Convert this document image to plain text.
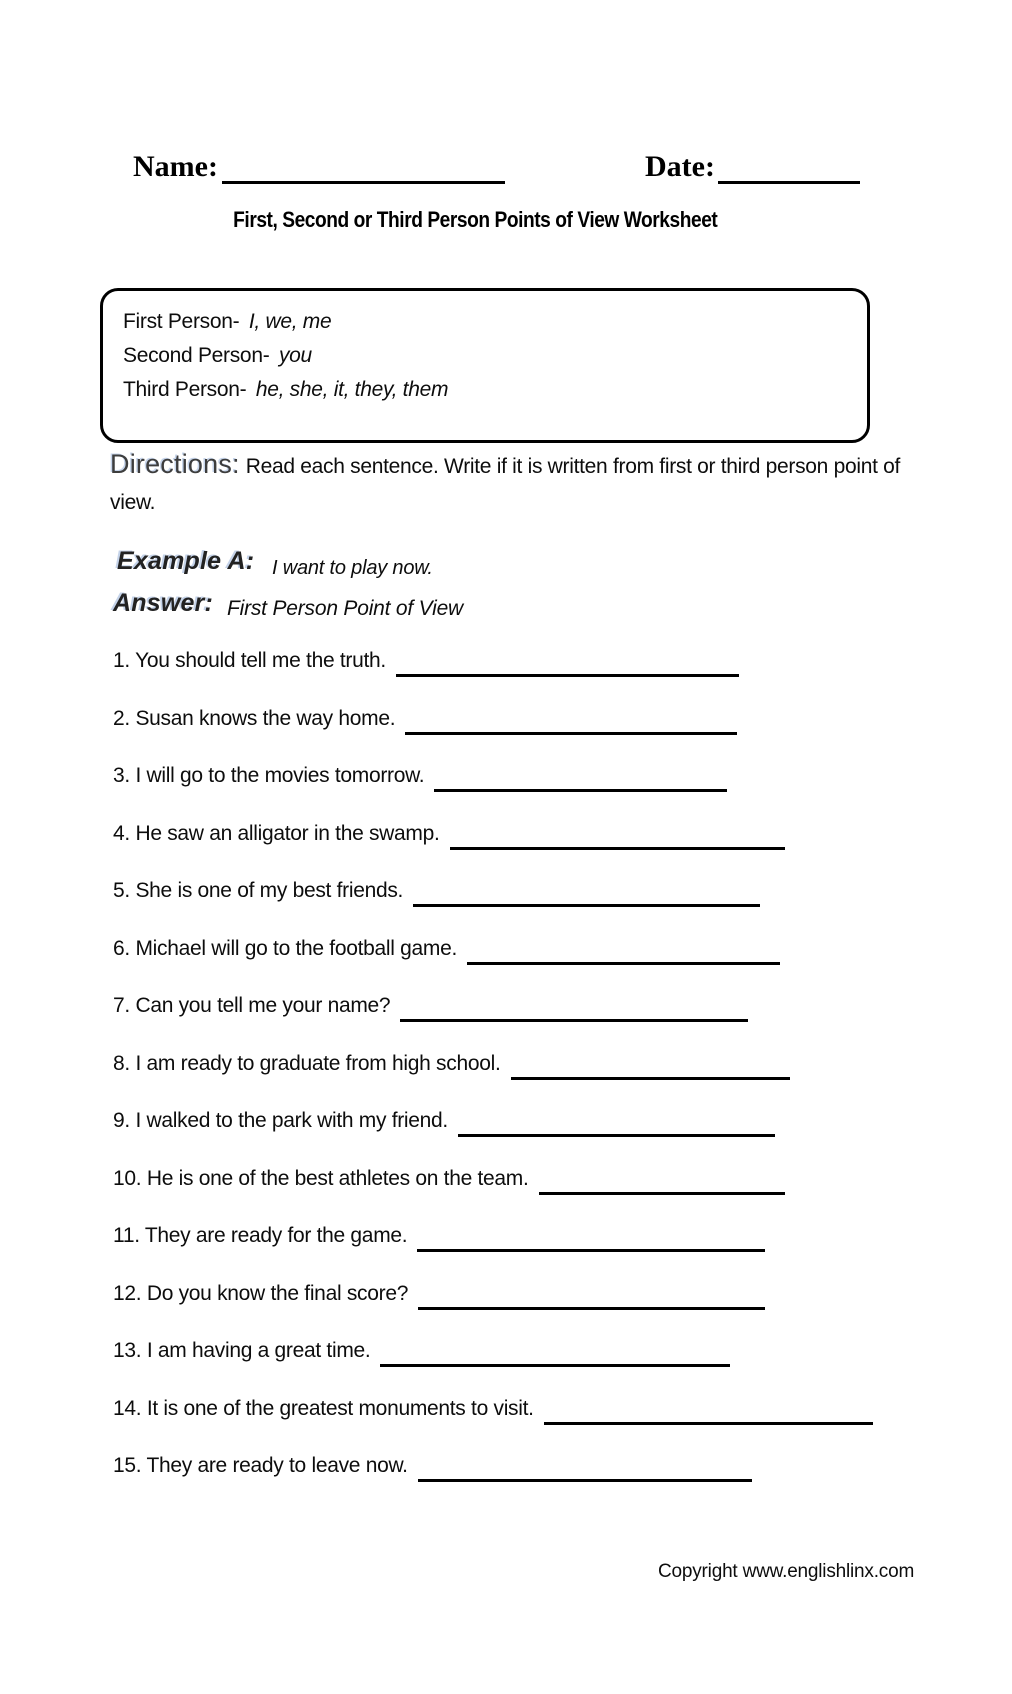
Name:	Date:
First, Second or Third Person Points of View Worksheet
First Person- I, we, me
Second Person- you
Third Person- he, she, it, they, them
Directions: Read each sentence. Write if it is written from first or third person point of view.
Example A: I want to play now.
Answer: First Person Point of View
1. You should tell me the truth.
2. Susan knows the way home.
3. I will go to the movies tomorrow.
4. He saw an alligator in the swamp.
5. She is one of my best friends.
6. Michael will go to the football game.
7. Can you tell me your name?
8. I am ready to graduate from high school.
9. I walked to the park with my friend.
10. He is one of the best athletes on the team.
11. They are ready for the game.
12. Do you know the final score?
13. I am having a great time.
14. It is one of the greatest monuments to visit.
15. They are ready to leave now.
Copyright www.englishlinx.com
